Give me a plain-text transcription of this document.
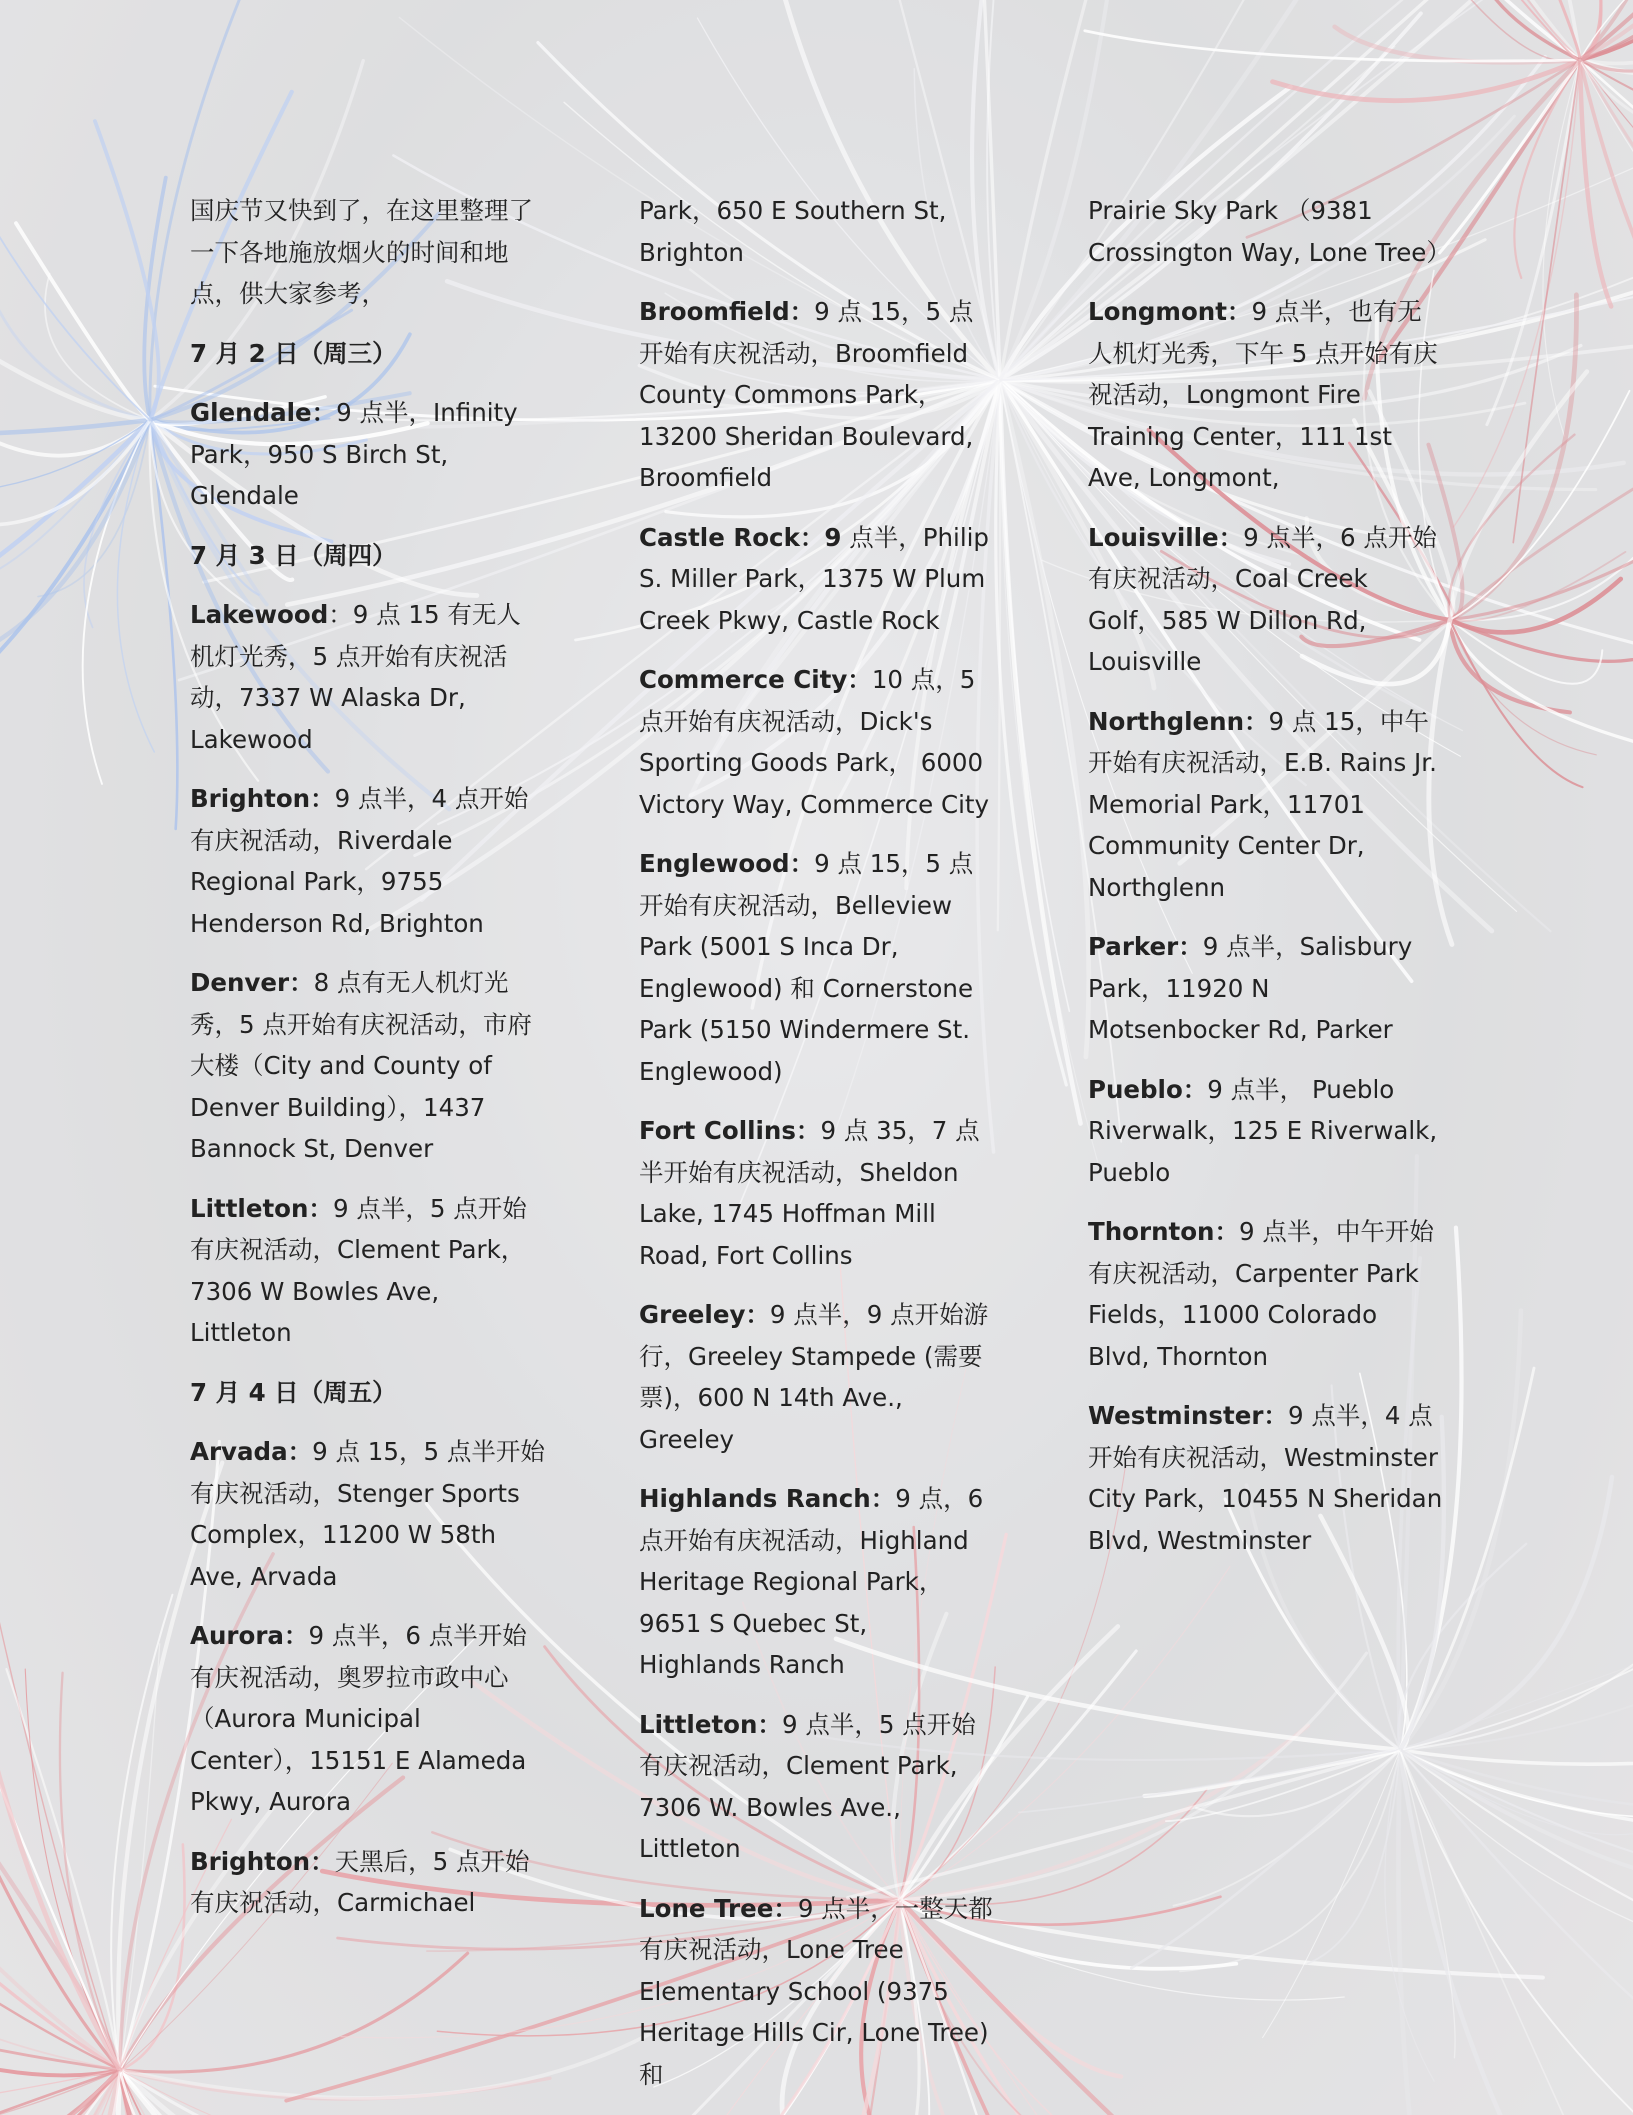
国庆节又快到了，在这里整理了一下各地施放烟火的时间和地点，供大家参考，
7 月 2 日（周三）
Glendale：9 点半，Infinity Park，950 S Birch St, Glendale
7 月 3 日（周四）
Lakewood：9 点 15 有无人机灯光秀，5 点开始有庆祝活动，7337 W Alaska Dr, Lakewood
Brighton：9 点半，4 点开始有庆祝活动，Riverdale Regional Park，9755 Henderson Rd, Brighton
Denver：8 点有无人机灯光秀，5 点开始有庆祝活动，市府大楼（City and County of Denver Building），1437 Bannock St, Denver
Littleton：9 点半，5 点开始有庆祝活动，Clement Park，7306 W Bowles Ave, Littleton
7 月 4 日（周五）
Arvada：9 点 15，5 点半开始有庆祝活动，Stenger Sports Complex，11200 W 58th Ave, Arvada
Aurora：9 点半，6 点半开始有庆祝活动，奥罗拉市政中心（Aurora Municipal Center），15151 E Alameda Pkwy, Aurora
Brighton：天黑后，5 点开始有庆祝活动，Carmichael
Park，650 E Southern St, Brighton
Broomfield：9 点 15，5 点开始有庆祝活动，Broomfield County Commons Park，13200 Sheridan Boulevard, Broomfield
Castle Rock：9 点半，Philip S. Miller Park，1375 W Plum Creek Pkwy, Castle Rock
Commerce City：10 点，5 点开始有庆祝活动，Dick's Sporting Goods Park， 6000 Victory Way, Commerce City
Englewood：9 点 15，5 点开始有庆祝活动，Belleview Park (5001 S Inca Dr, Englewood) 和 Cornerstone Park (5150 Windermere St. Englewood)
Fort Collins：9 点 35，7 点半开始有庆祝活动，Sheldon Lake, 1745 Hoffman Mill Road, Fort Collins
Greeley：9 点半，9 点开始游行，Greeley Stampede (需要票)，600 N 14th Ave., Greeley
Highlands Ranch：9 点，6 点开始有庆祝活动，Highland Heritage Regional Park，9651 S Quebec St, Highlands Ranch
Littleton：9 点半，5 点开始有庆祝活动，Clement Park, 7306 W. Bowles Ave., Littleton
Lone Tree：9 点半，一整天都有庆祝活动，Lone Tree Elementary School (9375 Heritage Hills Cir, Lone Tree)和
Prairie Sky Park （9381 Crossington Way, Lone Tree）
Longmont：9 点半，也有无人机灯光秀，下午 5 点开始有庆祝活动，Longmont Fire Training Center，111 1st Ave, Longmont,
Louisville：9 点半，6 点开始有庆祝活动，Coal Creek Golf，585 W Dillon Rd, Louisville
Northglenn：9 点 15，中午开始有庆祝活动，E.B. Rains Jr. Memorial Park，11701 Community Center Dr, Northglenn
Parker：9 点半，Salisbury Park，11920 N Motsenbocker Rd, Parker
Pueblo：9 点半， Pueblo Riverwalk，125 E Riverwalk, Pueblo
Thornton：9 点半，中午开始有庆祝活动，Carpenter Park Fields，11000 Colorado Blvd, Thornton
Westminster：9 点半，4 点开始有庆祝活动，Westminster City Park，10455 N Sheridan Blvd, Westminster
